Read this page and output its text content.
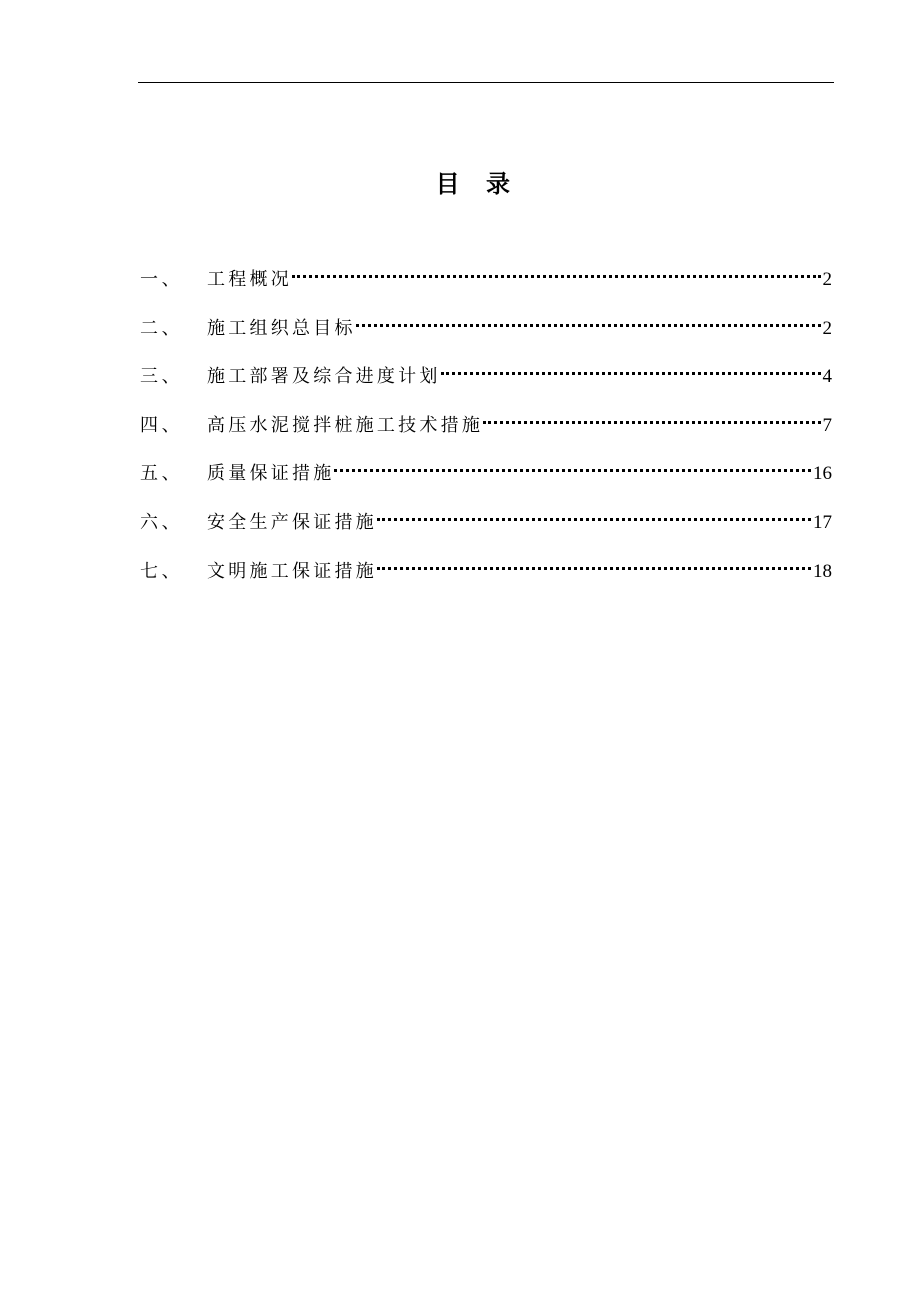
目录
一、 工程概况	2
二、 施工组织总目标	2
三、 施工部署及综合进度计划	4
四、 高压水泥搅拌桩施工技术措施	7
五、 质量保证措施	16
六、 安全生产保证措施	17
七、 文明施工保证措施	18
